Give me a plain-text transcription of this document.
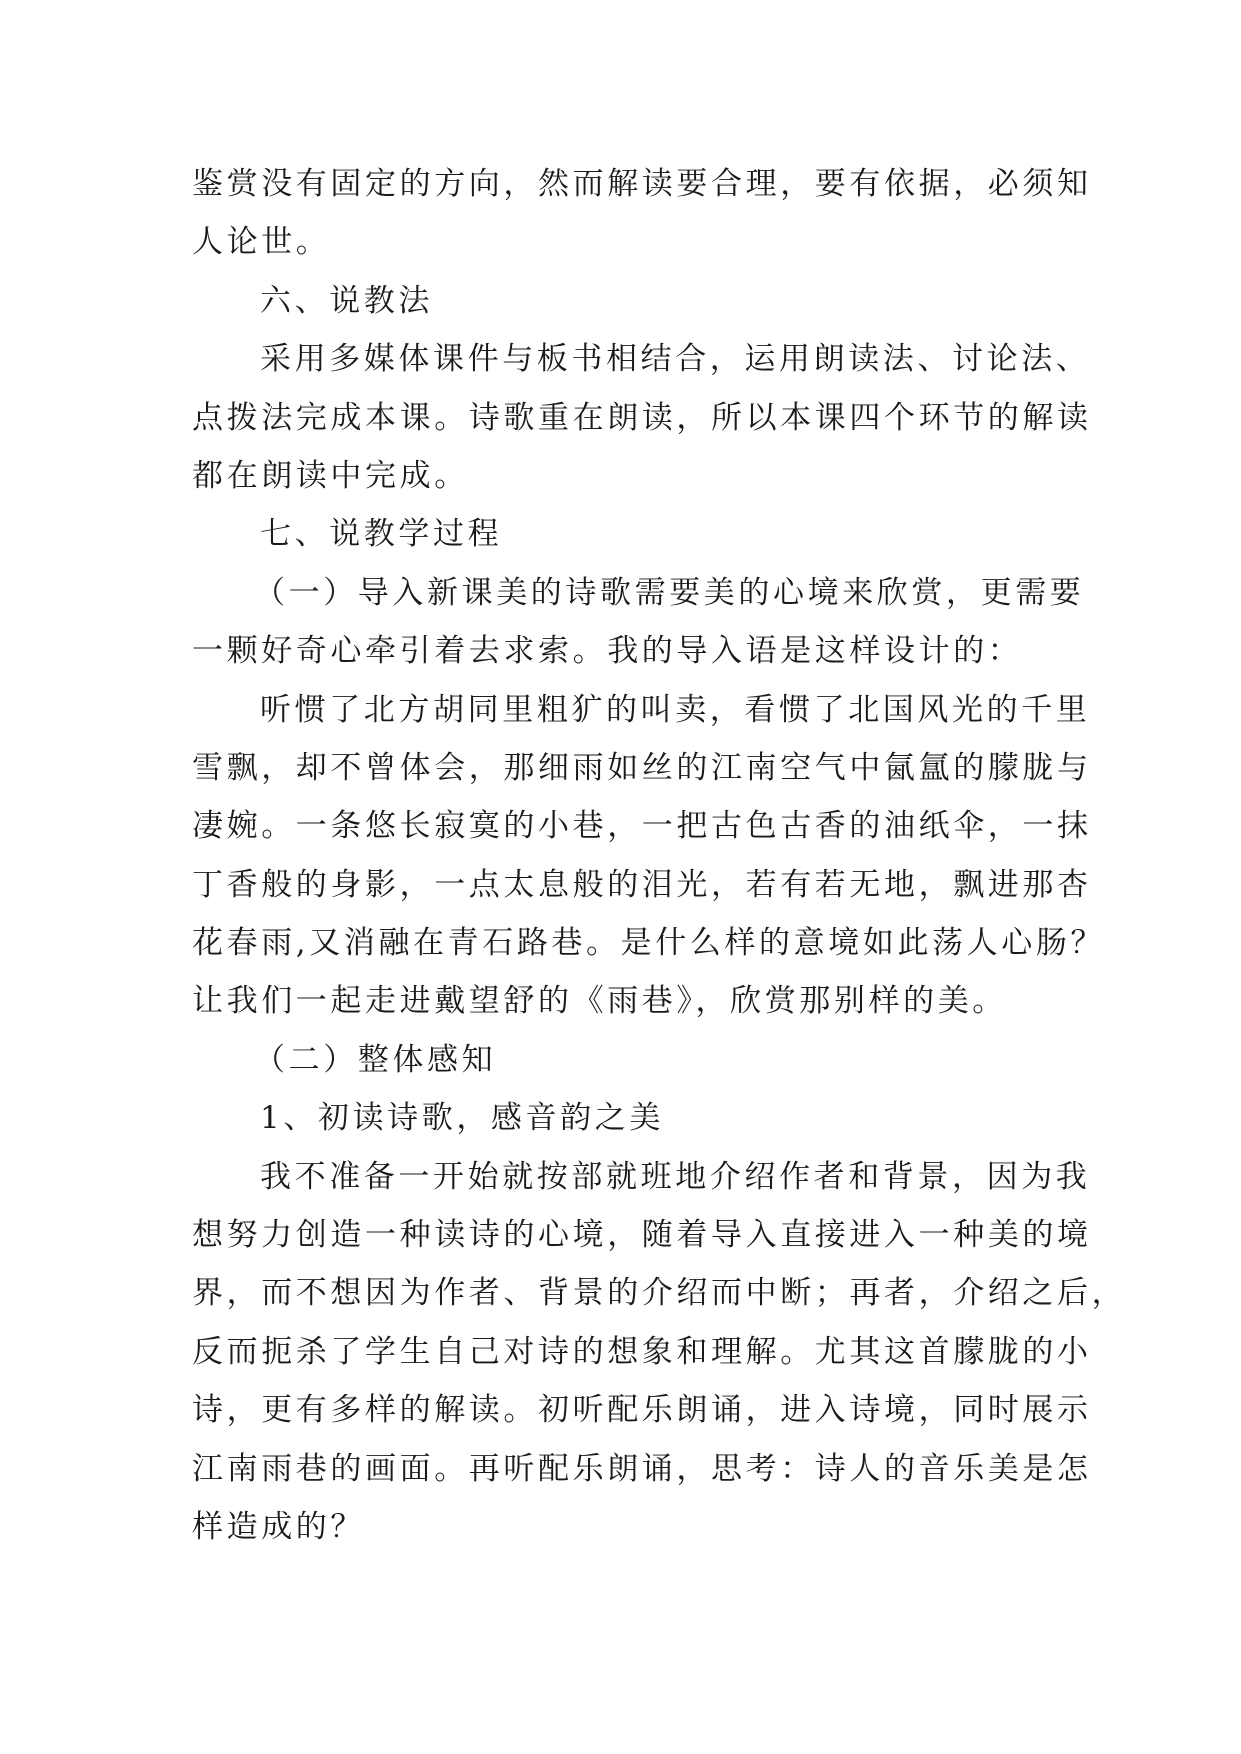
鉴赏没有固定的方向，然而解读要合理，要有依据，必须知

人论世。

六、说教法

采用多媒体课件与板书相结合，运用朗读法、讨论法、

点拨法完成本课。诗歌重在朗读，所以本课四个环节的解读

都在朗读中完成。

七、说教学过程

（一）导入新课美的诗歌需要美的心境来欣赏，更需要

一颗好奇心牵引着去求索。我的导入语是这样设计的：

听惯了北方胡同里粗犷的叫卖，看惯了北国风光的千里

雪飘，却不曾体会，那细雨如丝的江南空气中氤氲的朦胧与

凄婉。一条悠长寂寞的小巷，一把古色古香的油纸伞，一抹

丁香般的身影，一点太息般的泪光，若有若无地，飘进那杏

花春雨,又消融在青石路巷。是什么样的意境如此荡人心肠？

让我们一起走进戴望舒的《雨巷》，欣赏那别样的美。

（二）整体感知

1、初读诗歌，感音韵之美

我不准备一开始就按部就班地介绍作者和背景，因为我

想努力创造一种读诗的心境，随着导入直接进入一种美的境

界，而不想因为作者、背景的介绍而中断；再者，介绍之后，

反而扼杀了学生自己对诗的想象和理解。尤其这首朦胧的小

诗，更有多样的解读。初听配乐朗诵，进入诗境，同时展示

江南雨巷的画面。再听配乐朗诵，思考：诗人的音乐美是怎

样造成的？
